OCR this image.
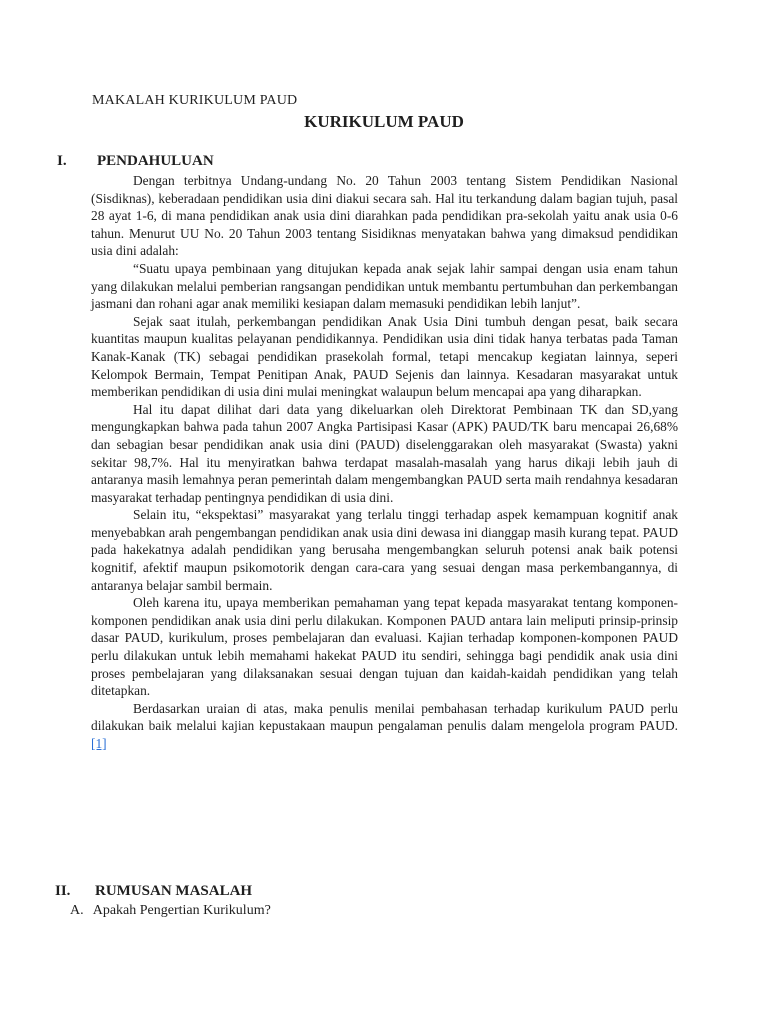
MAKALAH KURIKULUM PAUD
KURIKULUM PAUD
I. PENDAHULUAN

Dengan terbitnya Undang-undang No. 20 Tahun 2003 tentang Sistem Pendidikan Nasional (Sisdiknas), keberadaan pendidikan usia dini diakui secara sah. Hal itu terkandung dalam bagian tujuh, pasal 28 ayat 1-6, di mana pendidikan anak usia dini diarahkan pada pendidikan pra-sekolah yaitu anak usia 0-6 tahun. Menurut UU No. 20 Tahun 2003 tentang Sisidiknas menyatakan bahwa yang dimaksud pendidikan usia dini adalah:

“Suatu upaya pembinaan yang ditujukan kepada anak sejak lahir sampai dengan usia enam tahun yang dilakukan melalui pemberian rangsangan pendidikan untuk membantu pertumbuhan dan perkembangan jasmani dan rohani agar anak memiliki kesiapan dalam memasuki pendidikan lebih lanjut”.

Sejak saat itulah, perkembangan pendidikan Anak Usia Dini tumbuh dengan pesat, baik secara kuantitas maupun kualitas pelayanan pendidikannya. Pendidikan usia dini tidak hanya terbatas pada Taman Kanak-Kanak (TK) sebagai pendidikan prasekolah formal, tetapi mencakup kegiatan lainnya, seperi Kelompok Bermain, Tempat Penitipan Anak, PAUD Sejenis dan lainnya. Kesadaran masyarakat untuk memberikan pendidikan di usia dini mulai meningkat walaupun belum mencapai apa yang diharapkan.

Hal itu dapat dilihat dari data yang dikeluarkan oleh Direktorat Pembinaan TK dan SD,yang mengungkapkan bahwa pada tahun 2007 Angka Partisipasi Kasar (APK) PAUD/TK baru mencapai 26,68% dan sebagian besar pendidikan anak usia dini (PAUD) diselenggarakan oleh masyarakat (Swasta) yakni sekitar 98,7%. Hal itu menyiratkan bahwa terdapat masalah-masalah yang harus dikaji lebih jauh di antaranya masih lemahnya peran pemerintah dalam mengembangkan PAUD serta maih rendahnya kesadaran masyarakat terhadap pentingnya pendidikan di usia dini.

Selain itu, “ekspektasi” masyarakat yang terlalu tinggi terhadap aspek kemampuan kognitif anak menyebabkan arah pengembangan pendidikan anak usia dini dewasa ini dianggap masih kurang tepat. PAUD pada hakekatnya adalah pendidikan yang berusaha mengembangkan seluruh potensi anak baik potensi kognitif, afektif maupun psikomotorik dengan cara-cara yang sesuai dengan masa perkembangannya, di antaranya belajar sambil bermain.

Oleh karena itu, upaya memberikan pemahaman yang tepat kepada masyarakat tentang komponen-komponen pendidikan anak usia dini perlu dilakukan. Komponen PAUD antara lain meliputi prinsip-prinsip dasar PAUD, kurikulum, proses pembelajaran dan evaluasi. Kajian terhadap komponen-komponen PAUD perlu dilakukan untuk lebih memahami hakekat PAUD itu sendiri, sehingga bagi pendidik anak usia dini proses pembelajaran yang dilaksanakan sesuai dengan tujuan dan kaidah-kaidah pendidikan yang telah ditetapkan.

Berdasarkan uraian di atas, maka penulis menilai pembahasan terhadap kurikulum PAUD perlu dilakukan baik melalui kajian kepustakaan maupun pengalaman penulis dalam mengelola program PAUD. [1]

II. RUMUSAN MASALAH
A. Apakah Pengertian Kurikulum?
